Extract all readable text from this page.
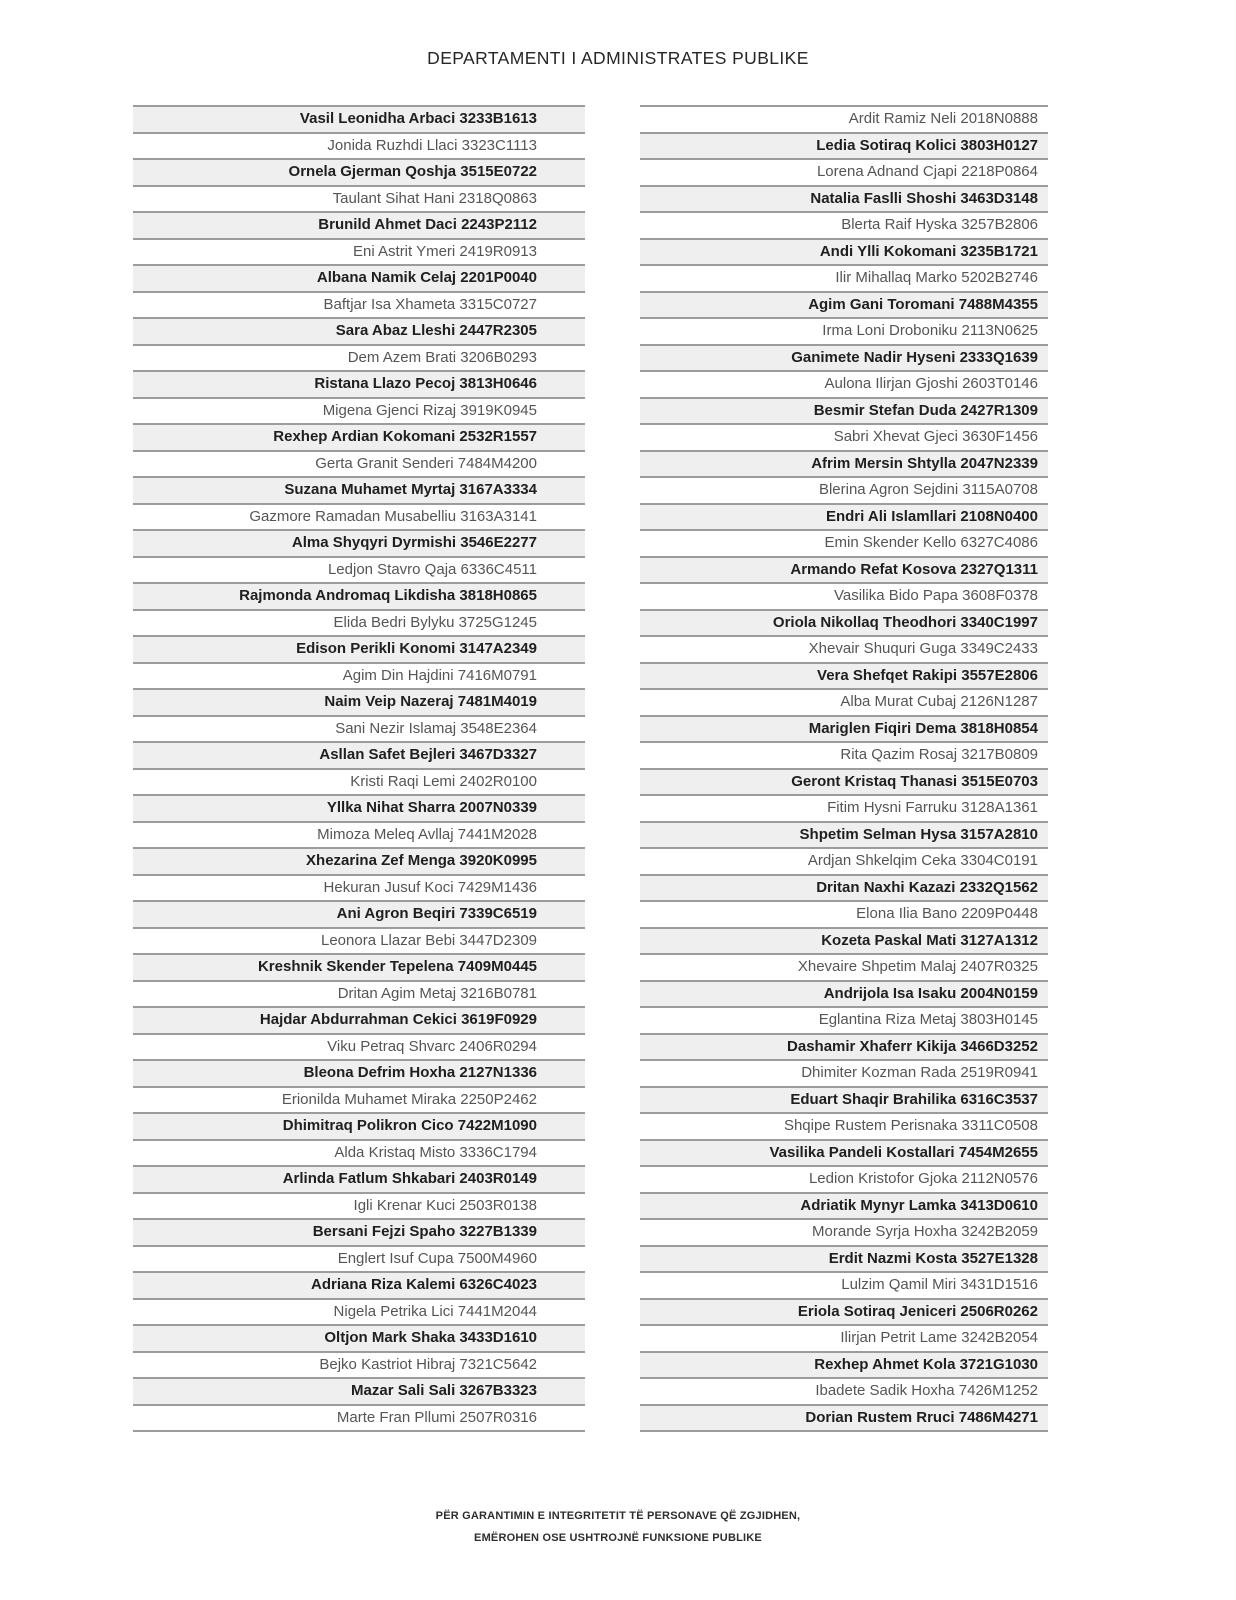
DEPARTAMENTI I ADMINISTRATES PUBLIKE
Vasil Leonidha Arbaci 3233B1613
Jonida Ruzhdi Llaci 3323C1113
Ornela Gjerman Qoshja 3515E0722
Taulant Sihat Hani 2318Q0863
Brunild Ahmet Daci 2243P2112
Eni Astrit Ymeri 2419R0913
Albana Namik Celaj 2201P0040
Baftjar Isa Xhameta 3315C0727
Sara Abaz Lleshi 2447R2305
Dem Azem Brati 3206B0293
Ristana Llazo Pecoj 3813H0646
Migena Gjenci Rizaj 3919K0945
Rexhep Ardian Kokomani 2532R1557
Gerta Granit Senderi 7484M4200
Suzana Muhamet Myrtaj 3167A3334
Gazmore Ramadan Musabelliu 3163A3141
Alma Shyqyri Dyrmishi 3546E2277
Ledjon Stavro Qaja 6336C4511
Rajmonda Andromaq Likdisha 3818H0865
Elida Bedri Bylyku 3725G1245
Edison Perikli Konomi 3147A2349
Agim Din Hajdini 7416M0791
Naim Veip Nazeraj 7481M4019
Sani Nezir Islamaj 3548E2364
Asllan Safet Bejleri 3467D3327
Kristi Raqi Lemi 2402R0100
Yllka Nihat Sharra 2007N0339
Mimoza Meleq Avllaj 7441M2028
Xhezarina Zef Menga 3920K0995
Hekuran Jusuf Koci 7429M1436
Ani Agron Beqiri 7339C6519
Leonora Llazar Bebi 3447D2309
Kreshnik Skender Tepelena 7409M0445
Dritan Agim Metaj 3216B0781
Hajdar Abdurrahman Cekici 3619F0929
Viku Petraq Shvarc 2406R0294
Bleona Defrim Hoxha 2127N1336
Erionilda Muhamet Miraka 2250P2462
Dhimitraq Polikron Cico 7422M1090
Alda Kristaq Misto 3336C1794
Arlinda Fatlum Shkabari 2403R0149
Igli Krenar Kuci 2503R0138
Bersani Fejzi Spaho 3227B1339
Englert Isuf Cupa 7500M4960
Adriana Riza Kalemi 6326C4023
Nigela Petrika Lici 7441M2044
Oltjon Mark Shaka 3433D1610
Bejko Kastriot Hibraj 7321C5642
Mazar Sali Sali 3267B3323
Marte Fran Pllumi 2507R0316
Ardit Ramiz Neli 2018N0888
Ledia Sotiraq Kolici 3803H0127
Lorena Adnand Cjapi 2218P0864
Natalia Faslli Shoshi 3463D3148
Blerta Raif Hyska 3257B2806
Andi Ylli Kokomani 3235B1721
Ilir Mihallaq Marko 5202B2746
Agim Gani Toromani 7488M4355
Irma Loni Droboniku 2113N0625
Ganimete Nadir Hyseni 2333Q1639
Aulona Ilirjan Gjoshi 2603T0146
Besmir Stefan Duda 2427R1309
Sabri Xhevat Gjeci 3630F1456
Afrim Mersin Shtylla 2047N2339
Blerina Agron Sejdini 3115A0708
Endri Ali Islamllari 2108N0400
Emin Skender Kello 6327C4086
Armando Refat Kosova 2327Q1311
Vasilika Bido Papa 3608F0378
Oriola Nikollaq Theodhori 3340C1997
Xhevair Shuquri Guga 3349C2433
Vera Shefqet Rakipi 3557E2806
Alba Murat Cubaj 2126N1287
Mariglen Fiqiri Dema 3818H0854
Rita Qazim Rosaj 3217B0809
Geront Kristaq Thanasi 3515E0703
Fitim Hysni Farruku 3128A1361
Shpetim Selman Hysa 3157A2810
Ardjan Shkelqim Ceka 3304C0191
Dritan Naxhi Kazazi 2332Q1562
Elona Ilia Bano 2209P0448
Kozeta Paskal Mati 3127A1312
Xhevaire Shpetim Malaj 2407R0325
Andrijola Isa Isaku 2004N0159
Eglantina Riza Metaj 3803H0145
Dashamir Xhaferr Kikija 3466D3252
Dhimiter Kozman Rada 2519R0941
Eduart Shaqir Brahilika 6316C3537
Shqipe Rustem Perisnaka 3311C0508
Vasilika Pandeli Kostallari 7454M2655
Ledion Kristofor Gjoka 2112N0576
Adriatik Mynyr Lamka 3413D0610
Morande Syrja Hoxha 3242B2059
Erdit Nazmi Kosta 3527E1328
Lulzim Qamil Miri 3431D1516
Eriola Sotiraq Jeniceri 2506R0262
Ilirjan Petrit Lame 3242B2054
Rexhep Ahmet Kola 3721G1030
Ibadete Sadik Hoxha 7426M1252
Dorian Rustem Rruci 7486M4271
PËR GARANTIMIN E INTEGRITETIT TË PERSONAVE QË ZGJIDHEN,
EMËROHEN OSE USHTROJNË FUNKSIONE PUBLIKE
